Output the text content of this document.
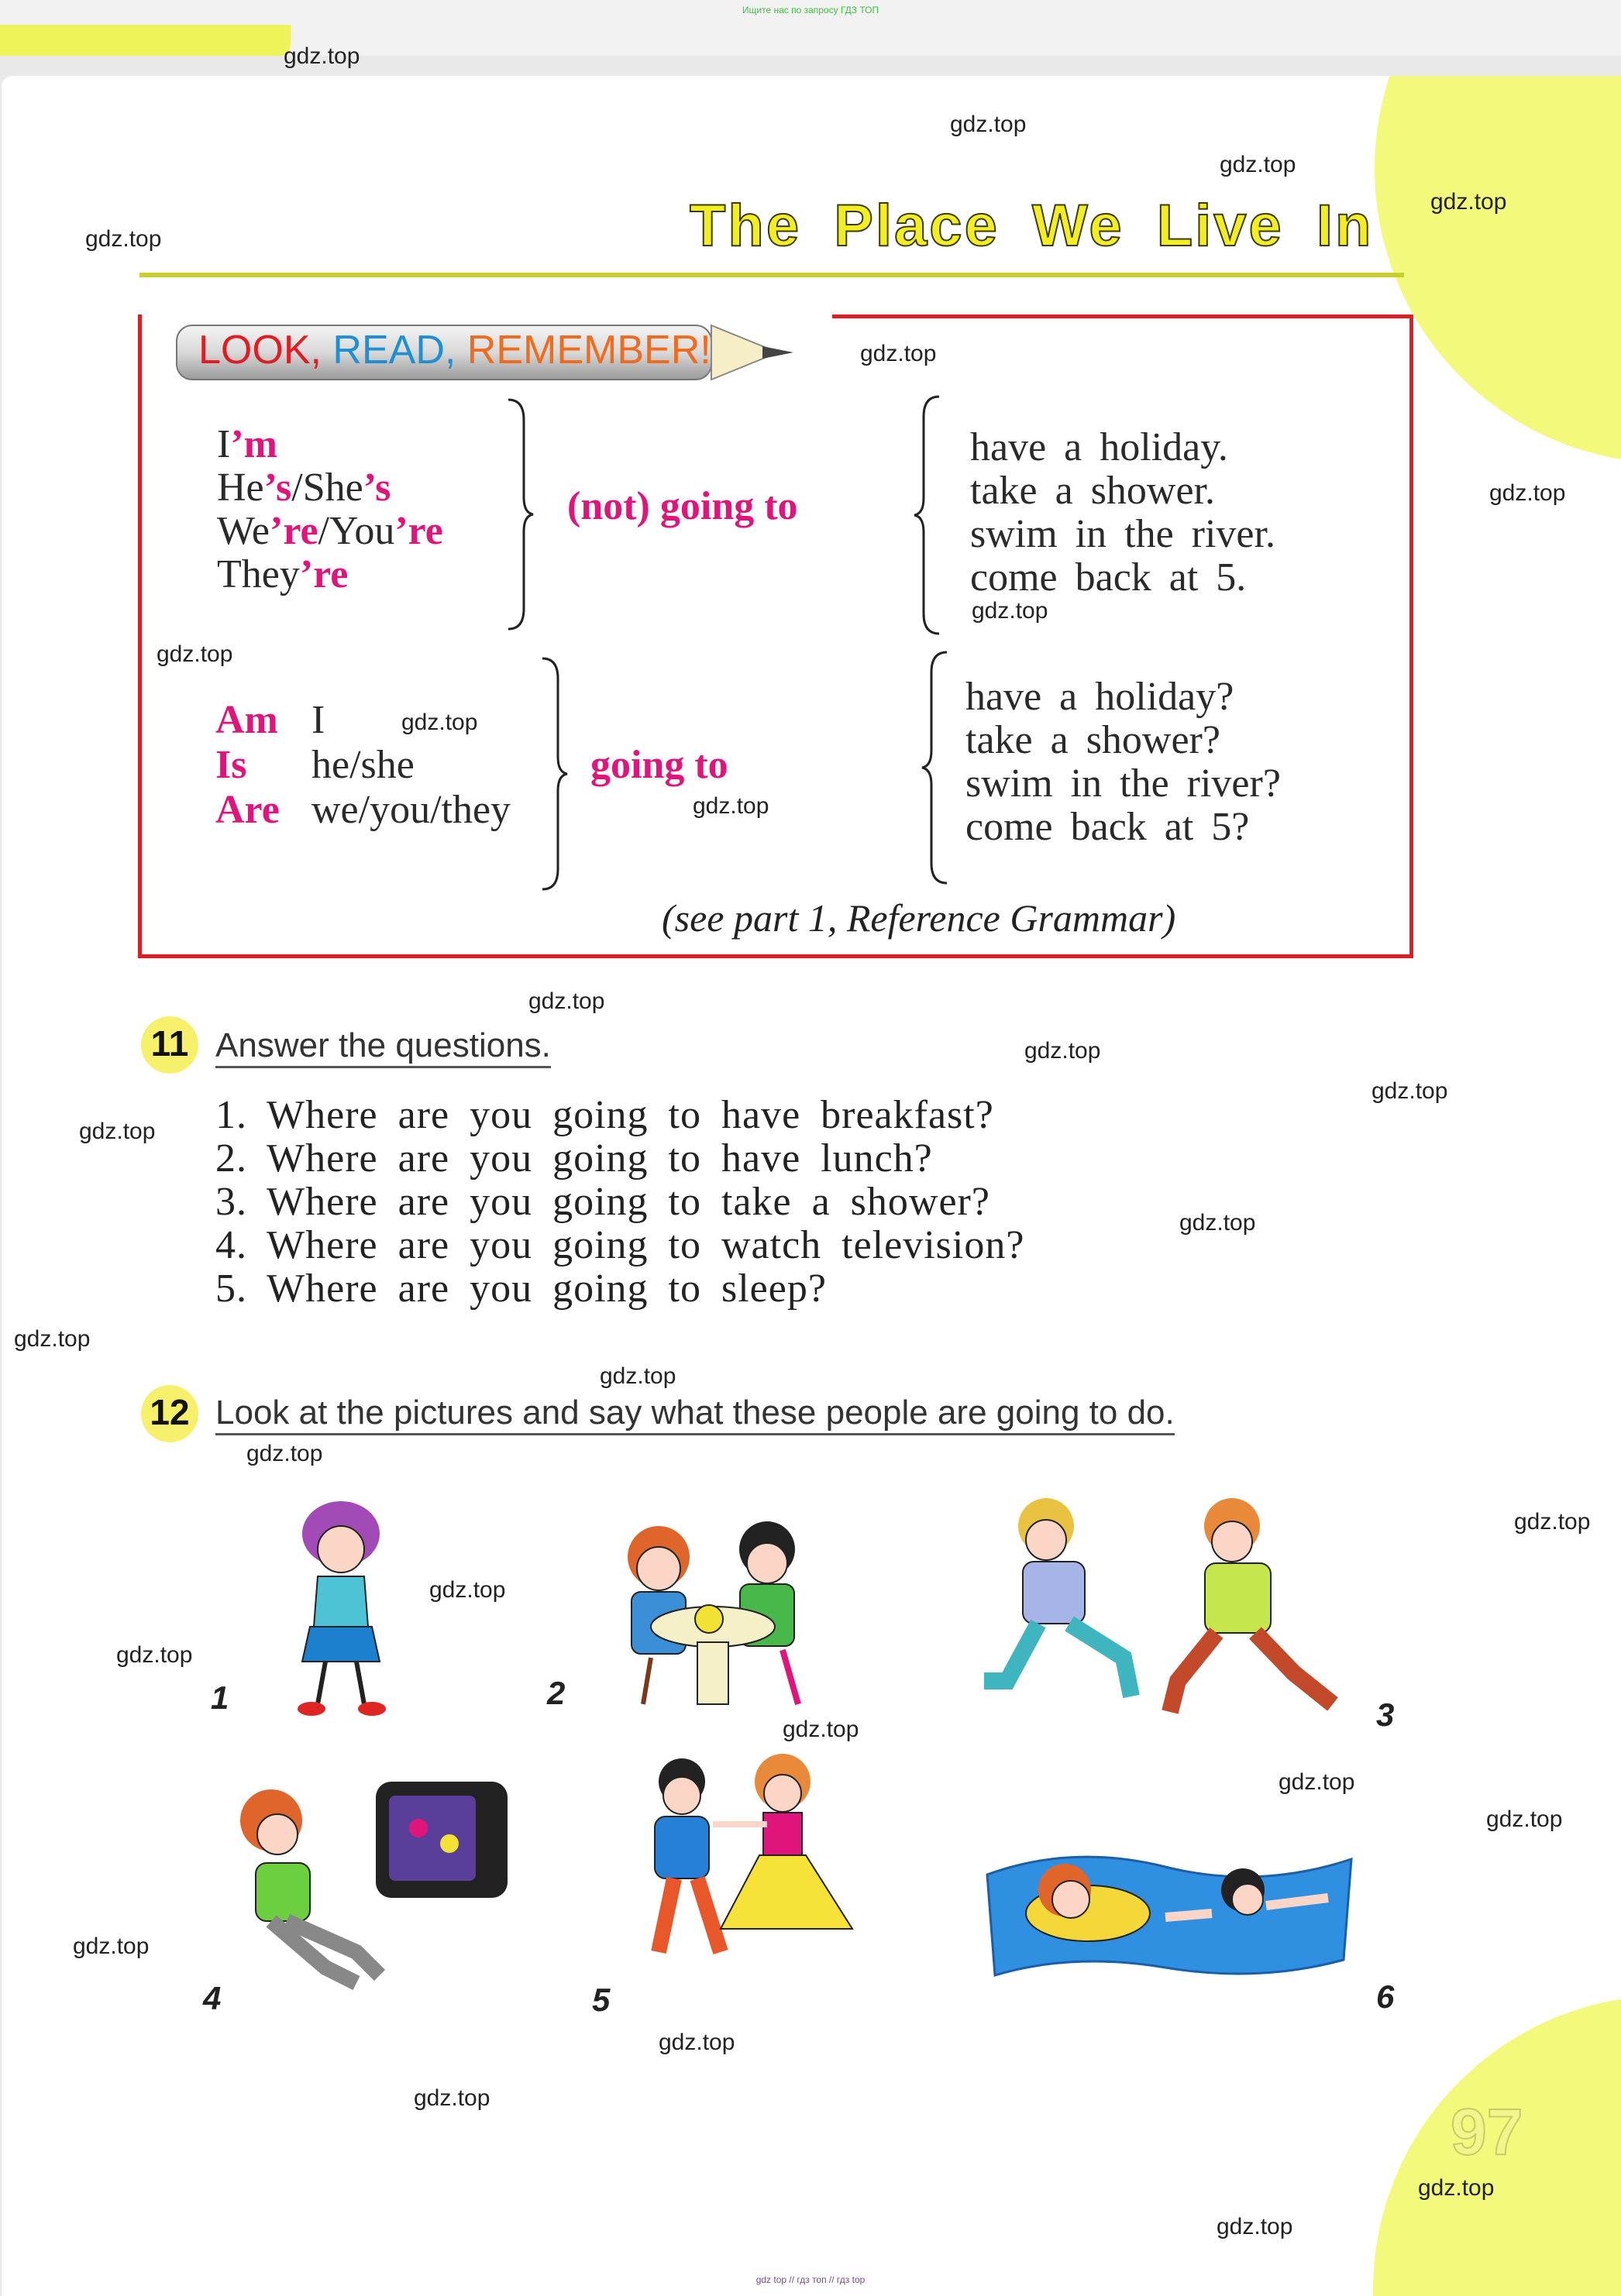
Ищите нас по запросу ГДЗ ТОП
The Place We Live In
LOOK, READ, REMEMBER!
I’m
He’s/She’s
We’re/You’re
They’re
(not) going to
have a holiday.
take a shower.
swim in the river.
come back at 5.
Am I
Is he/she
Are we/you/they
going to
have a holiday?
take a shower?
swim in the river?
come back at 5?
(see part 1, Reference Grammar)
11 Answer the questions.
1. Where are you going to have breakfast?
2. Where are you going to have lunch?
3. Where are you going to take a shower?
4. Where are you going to watch television?
5. Where are you going to sleep?
12 Look at the pictures and say what these people are going to do.
1	2
3
4	5	6
97
gdz.top
gdz.top
gdz.top
gdz.top
gdz.top
gdz.top
gdz.top
gdz.top
gdz.top
gdz.top
gdz.top
gdz.top
gdz.top
gdz.top
gdz.top
gdz.top
gdz.top
gdz.top
gdz.top
gdz.top
gdz.top
gdz.top
gdz.top
gdz.top
gdz.top
gdz.top
gdz.top
gdz.top
gdz.top
gdz.top
gdz top // гдз топ // гдз top
